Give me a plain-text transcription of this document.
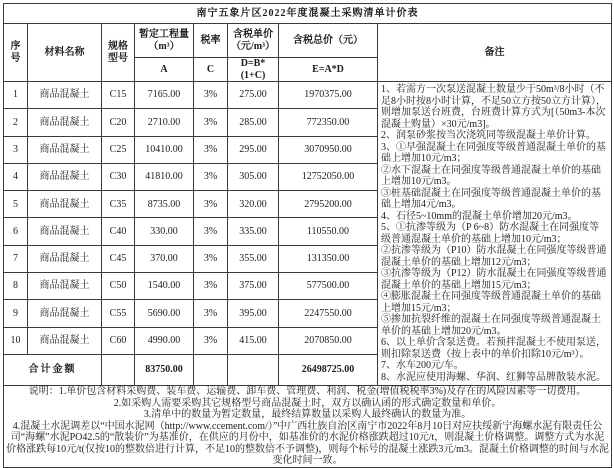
南宁五象片区2022年度混凝土采购清单计价表							
序号	材料名称	规格型号	暂定工程量（m³）	税率	含税单价（元/m³）	含税总价（元）	备注
			A	C	D=B*(1+C)	E=A*D	
1	商品混凝土	C15	7165.00	3%	275.00	1970375.00	1、若需方一次泵送混凝土数量少于50m³/8小时（不足8小时按8小时计算，不足50立方按50立方计算），则增加泵送台班费，台班费计算方式为[（50m3-本次混凝土购量）×30元/m3]。
2、润泵砂浆按当次浇筑同等级混凝土单价计算。
3、①早强混凝土在同强度等级普通混凝土单价的基础上增加10元/m3；
②水下混凝土在同强度等级普通混凝土单价的基础上增加10元/m3。
③桩基础混凝土在同强度等级普通混凝土单价的基础上增加4元/m3。
4、石径5~10mm的混凝土单价增加20元/m3。
5、①抗渗等级为（P 6~8）防水混凝土在同强度等级普通混凝土单价的基础上增加10元/m3；
②抗渗等级为（P10）防水混凝土在同强度等级普通混凝土单价的基础上增加12元/m3；
③抗渗等级为（P12）防水混凝土在同强度等级普通混凝土单价的基础上增加15元/m3；
④膨胀混凝土在同强度等级普通混凝土单价的基础上增加15元/m3；
⑤掺加抗裂纤维的混凝土在同强度等级普通混凝土单价的基础上增加20元/m3。
6、以上单价含泵送费。若预拌混凝土不使用泵送，则扣除泵送费（按上表中的单价扣除10元/m³）。
7、水车200元/车。
8、水泥应使用海螺、华润、红狮等品牌散装水泥。

2	商品混凝土	C20	2710.00	3%	285.00	772350.00	
3	商品混凝土	C25	10410.00	3%	295.00	3070950.00	
4	商品混凝土	C30	41810.00	3%	305.00	12752050.00	
5	商品混凝土	C35	8735.00	3%	320.00	2795200.00	
6	商品混凝土	C40	330.00	3%	335.00	110550.00	
7	商品混凝土	C45	370.00	3%	355.00	131350.00	
8	商品混凝土	C50	1540.00	3%	375.00	577500.00	
9	商品混凝土	C55	5690.00	3%	395.00	2247550.00	
10	商品混凝土	C60	4990.00	3%	415.00	2070850.00	
合计金额			83750.00			26498725.00	

说明：1.单价包含材料采购费、装车费、运输费、卸车费、管理费、利润、税金(增值税税率3%)及存在的风险因素等一切费用。
2.如采购人需要采购其它规格型号商品混凝土时，双方以确认函的形式确定数量和单价。
3.清单中的数量为暂定数量，最终结算数量以采购人最终确认的数量为准。
4.混凝土水泥调差以“中国水泥网（http://www.ccement.com/）”中广西壮族自治区南宁市2022年8月10日对应扶绥新宁海螺水泥有限责任公司“海螺”水泥PO42.5的“散装价”为基准价，在供应的月份中，如基准价的水泥价格涨跌超过10元/t，则混凝土价格调整。调整方式为水泥价格涨跌每10元/t(仅按10的整数倍进行计算，不足10的整数倍不予调整)，则每个标号的混凝土涨跌3元/m3。混凝土价格调整的时间与水泥变化时间一致。							
